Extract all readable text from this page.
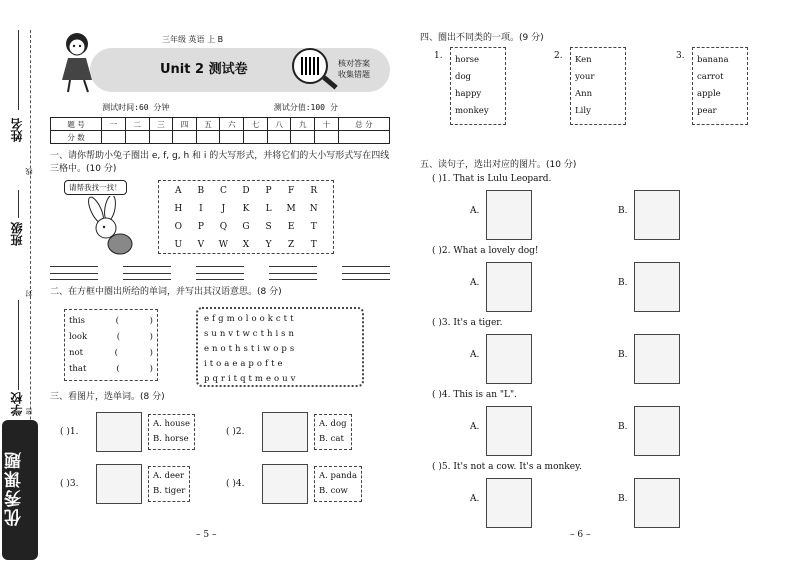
姓名
线
班级
封
学校 密
优秀课题
三年级 英语 上 B
Unit 2 测试卷	核对答案
收集错题
测试时间:60 分钟	测试分值:100 分
题 号	一	二	三	四	五	六	七	八	九	十	总 分
分 数											
一、请你帮助小兔子圈出 e, f, g, h 和 i 的大写形式，并将它们的大小写形式写在四线三格中。(10 分)
请帮我找一找！	A	B	C	D	P	F	R
H	I	J	K	L	M	N
O	P	Q	G	S	E	T
U	V	W	X	Y	Z	T
二、在方框中圈出所给的单词，并写出其汉语意思。(8 分)
this	(	)
look	(	)
not	(	)
that	(	)
efgmolookctt
sunvtwcthisn
enothstiwops
itoaeapofte
pqritqtmeouv
三、看图片，选单词。(8 分)
( )1.
A. house
B. horse
( )2.
A. dog
B. cat
( )3.
A. deer
B. tiger
( )4.
A. panda
B. cow
– 5 –
四、圈出不同类的一项。(9 分)
1. horse
dog
happy
monkey
2. Ken
your
Ann
Lily
3. banana
carrot
apple
pear
五、读句子，选出对应的图片。(10 分)
( )1. That is Lulu Leopard.
A.	B.
( )2. What a lovely dog!
A.	B.
( )3. It's a tiger.
A.	B.
( )4. This is an "L".
A.	B.
( )5. It's not a cow. It's a monkey.
A.	B.
– 6 –
